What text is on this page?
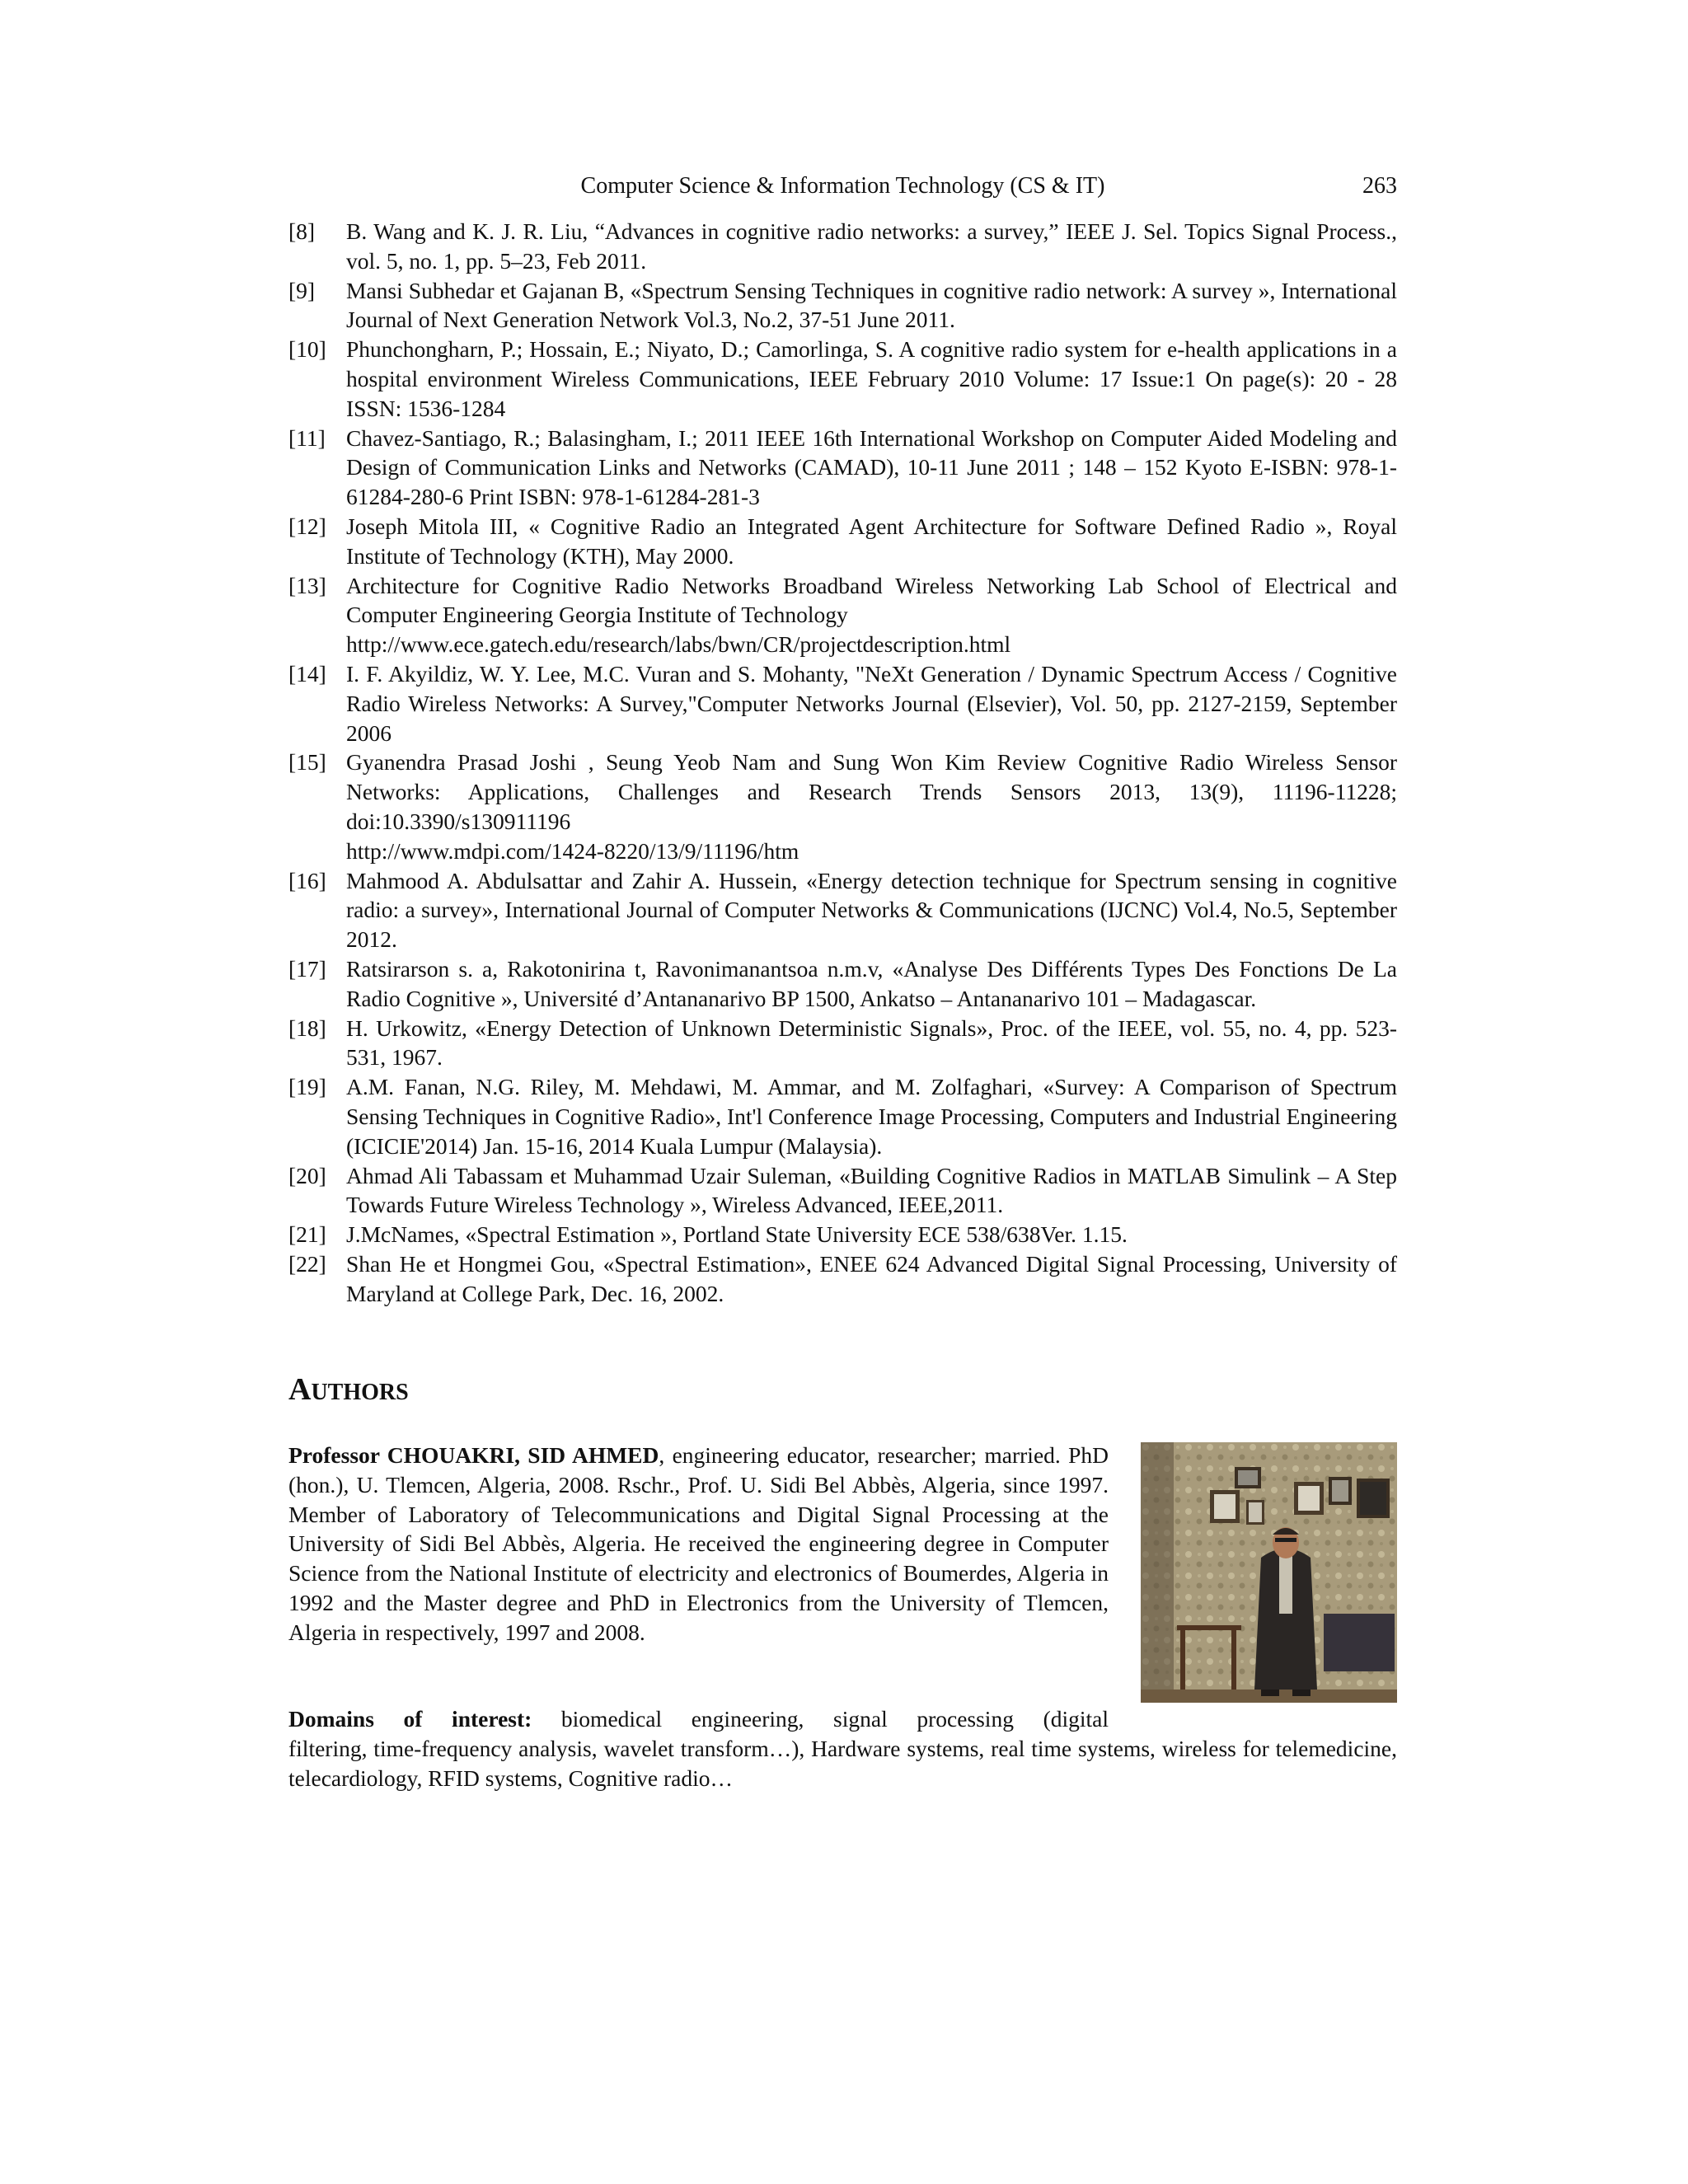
Computer Science & Information Technology (CS & IT)	263
[8] B. Wang and K. J. R. Liu, “Advances in cognitive radio networks: a survey,” IEEE J. Sel. Topics Signal Process., vol. 5, no. 1, pp. 5–23, Feb 2011.
[9] Mansi Subhedar et Gajanan B, «Spectrum Sensing Techniques in cognitive radio network: A survey », International Journal of Next Generation Network Vol.3, No.2, 37-51 June 2011.
[10] Phunchongharn, P.; Hossain, E.; Niyato, D.; Camorlinga, S. A cognitive radio system for e-health applications in a hospital environment Wireless Communications, IEEE February 2010 Volume: 17 Issue:1 On page(s): 20 - 28 ISSN: 1536-1284
[11] Chavez-Santiago, R.; Balasingham, I.; 2011 IEEE 16th International Workshop on Computer Aided Modeling and Design of Communication Links and Networks (CAMAD), 10-11 June 2011 ; 148 – 152 Kyoto E-ISBN: 978-1-61284-280-6 Print ISBN: 978-1-61284-281-3
[12] Joseph Mitola III, « Cognitive Radio an Integrated Agent Architecture for Software Defined Radio », Royal Institute of Technology (KTH), May 2000.
[13] Architecture for Cognitive Radio Networks Broadband Wireless Networking Lab School of Electrical and Computer Engineering Georgia Institute of Technology
http://www.ece.gatech.edu/research/labs/bwn/CR/projectdescription.html
[14] I. F. Akyildiz, W. Y. Lee, M.C. Vuran and S. Mohanty, "NeXt Generation / Dynamic Spectrum Access / Cognitive Radio Wireless Networks: A Survey,"Computer Networks Journal (Elsevier), Vol. 50, pp. 2127-2159, September 2006
[15] Gyanendra Prasad Joshi , Seung Yeob Nam and Sung Won Kim Review Cognitive Radio Wireless Sensor Networks: Applications, Challenges and Research Trends Sensors 2013, 13(9), 11196-11228; doi:10.3390/s130911196
http://www.mdpi.com/1424-8220/13/9/11196/htm
[16] Mahmood A. Abdulsattar and Zahir A. Hussein, «Energy detection technique for Spectrum sensing in cognitive radio: a survey», International Journal of Computer Networks & Communications (IJCNC) Vol.4, No.5, September 2012.
[17] Ratsirarson s. a, Rakotonirina t, Ravonimanantsoa n.m.v, «Analyse Des Différents Types Des Fonctions De La Radio Cognitive », Université d’Antananarivo BP 1500, Ankatso – Antananarivo 101 – Madagascar.
[18] H. Urkowitz, «Energy Detection of Unknown Deterministic Signals», Proc. of the IEEE, vol. 55, no. 4, pp. 523-531, 1967.
[19] A.M. Fanan, N.G. Riley, M. Mehdawi, M. Ammar, and M. Zolfaghari, «Survey: A Comparison of Spectrum Sensing Techniques in Cognitive Radio», Int'l Conference Image Processing, Computers and Industrial Engineering (ICICIE'2014) Jan. 15-16, 2014 Kuala Lumpur (Malaysia).
[20] Ahmad Ali Tabassam et Muhammad Uzair Suleman, «Building Cognitive Radios in MATLAB Simulink – A Step Towards Future Wireless Technology », Wireless Advanced, IEEE,2011.
[21] J.McNames, «Spectral Estimation », Portland State University ECE 538/638Ver. 1.15.
[22] Shan He et Hongmei Gou, «Spectral Estimation», ENEE 624 Advanced Digital Signal Processing, University of Maryland at College Park, Dec. 16, 2002.
AUTHORS

Professor CHOUAKRI, SID AHMED, engineering educator, researcher; married. PhD (hon.), U. Tlemcen, Algeria, 2008. Rschr., Prof. U. Sidi Bel Abbès, Algeria, since 1997. Member of Laboratory of Telecommunications and Digital Signal Processing at the University of Sidi Bel Abbès, Algeria. He received the engineering degree in Computer Science from the National Institute of electricity and electronics of Boumerdes, Algeria in 1992 and the Master degree and PhD in Electronics from the University of Tlemcen, Algeria in respectively, 1997 and 2008.

Domains of interest: biomedical engineering, signal processing (digital
filtering, time-frequency analysis, wavelet transform…), Hardware systems, real time systems, wireless for telemedicine, telecardiology, RFID systems, Cognitive radio…
